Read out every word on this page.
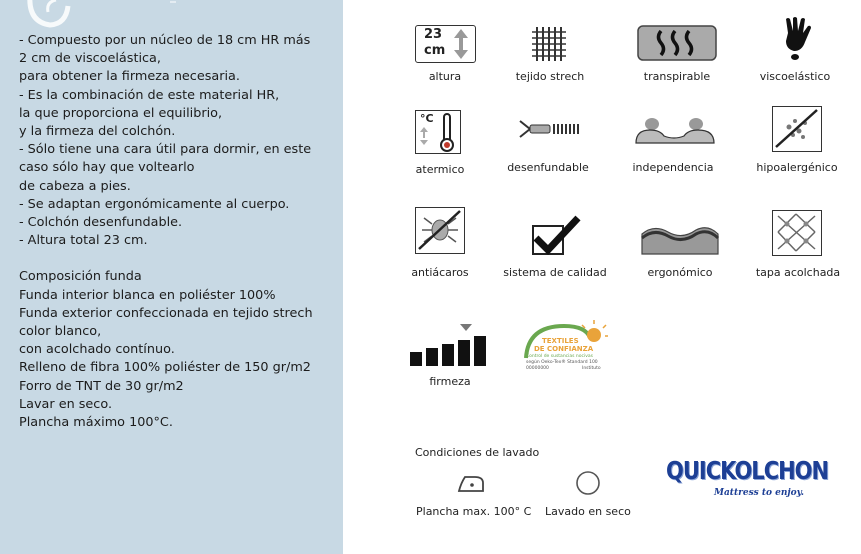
- Compuesto por un núcleo de 18 cm HR más
2 cm de viscoelástica,
para obtener la firmeza necesaria.
- Es la combinación de este material HR,
la que proporciona el equilibrio,
y la firmeza del colchón.
- Sólo tiene una cara útil para dormir, en este
caso sólo hay que voltearlo
de cabeza a pies.
- Se adaptan ergonómicamente al cuerpo.
- Colchón desenfundable.
- Altura total 23 cm.
Composición funda
Funda interior blanca en poliéster 100%
Funda exterior confeccionada en tejido strech
color blanco,
con acolchado contínuo.
Relleno de fibra 100% poliéster de 150 gr/m2
Forro de TNT de 30 gr/m2
Lavar en seco.
Plancha máximo 100°C.
23
cm
altura	tejido strech	transpirable	viscoelástico
°C
atermico	desenfundable	independencia	hipoalergénico
antiácaros	sistema de calidad	ergonómico	tapa acolchada
firmeza
TEXTILES
DE CONFIANZA
Control de sustancias nocivas
según Oeko-Tex® Standard 100
00000000	Instituto
Condiciones de lavado
Plancha max. 100° C Lavado en seco
QUICKOLCHON
Mattress to enjoy.
